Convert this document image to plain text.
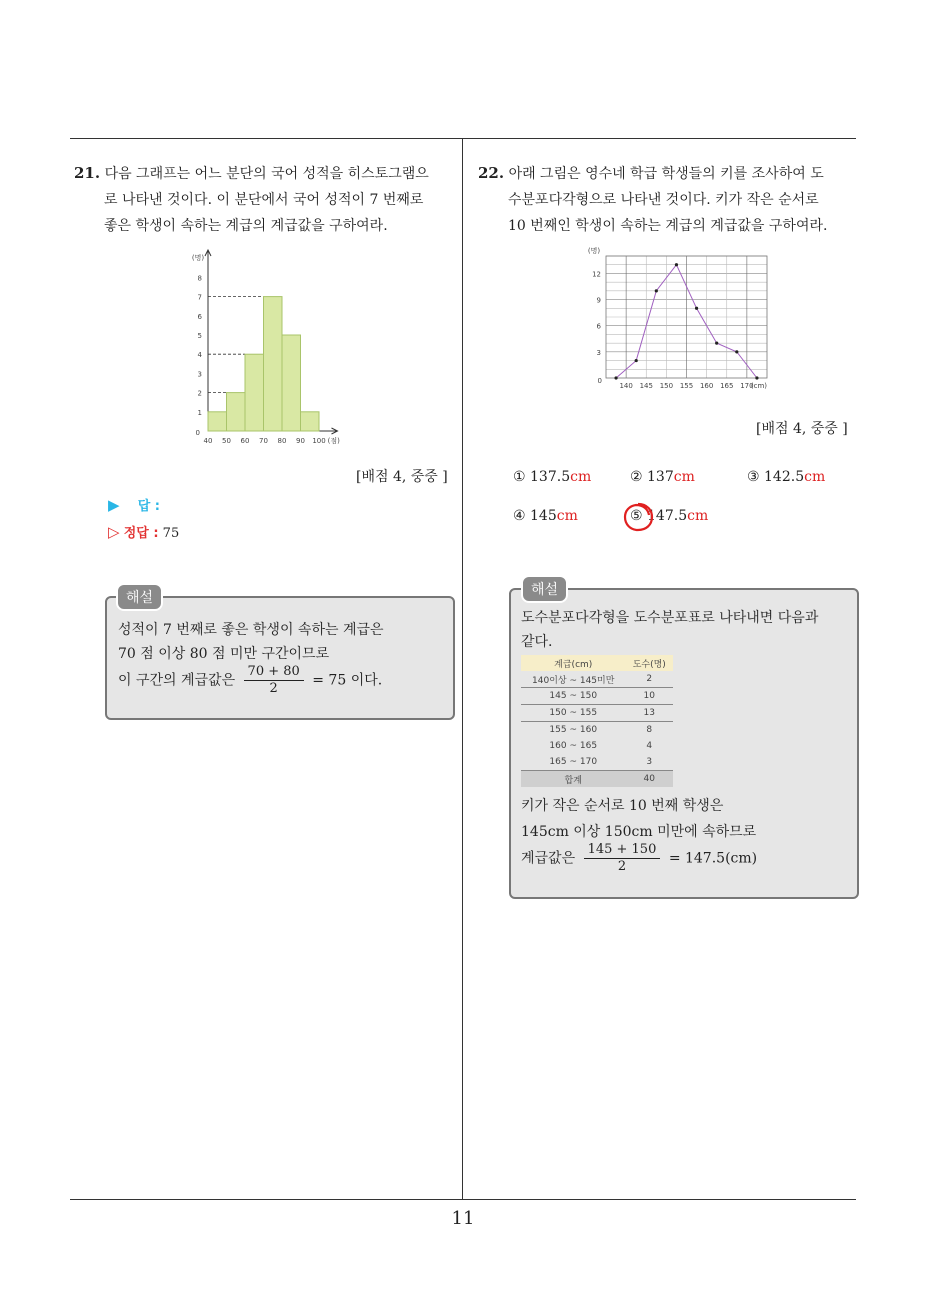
21. 다음 그래프는 어느 분단의 국어 성적을 히스토그램으
로 나타낸 것이다. 이 분단에서 국어 성적이 7 번째로
좋은 학생이 속하는 계급의 계급값을 구하여라.
0
1
2
3
4
5
6
7
8
40 50 60 70 80 90 100
(명)
(점)
[배점 4, 중중 ]
▶ 답 :
▷ 정답 : 75
해설
성적이 7 번째로 좋은 학생이 속하는 계급은
70 점 이상 80 점 미만 구간이므로
이 구간의 계급값은 $\frac{70 + 80}{2} = 75$ 이다.
22. 아래 그림은 영수네 학급 학생들의 키를 조사하여 도
수분포다각형으로 나타낸 것이다. 키가 작은 순서로
10 번째인 학생이 속하는 계급의 계급값을 구하여라.
0
3
6
9
12
140 145 150 155 160 165 170
(명)
(cm)
[배점 4, 중중 ]
① 137.5cm	② 137cm	③ 142.5cm
④ 145cm	⑤ 147.5cm
해설
도수분포다각형을 도수분포표로 나타내면 다음과
같다.
계급(cm)	도수(명)
140이상 ~ 145미만	2
145 ~ 150	10
150 ~ 155	13
155 ~ 160	8
160 ~ 165	4
165 ~ 170	3
합계	40
키가 작은 순서로 10 번째 학생은
145cm 이상 150cm 미만에 속하므로
계급값은 $\frac{145 + 150}{2} = 147.5(cm)$
11
